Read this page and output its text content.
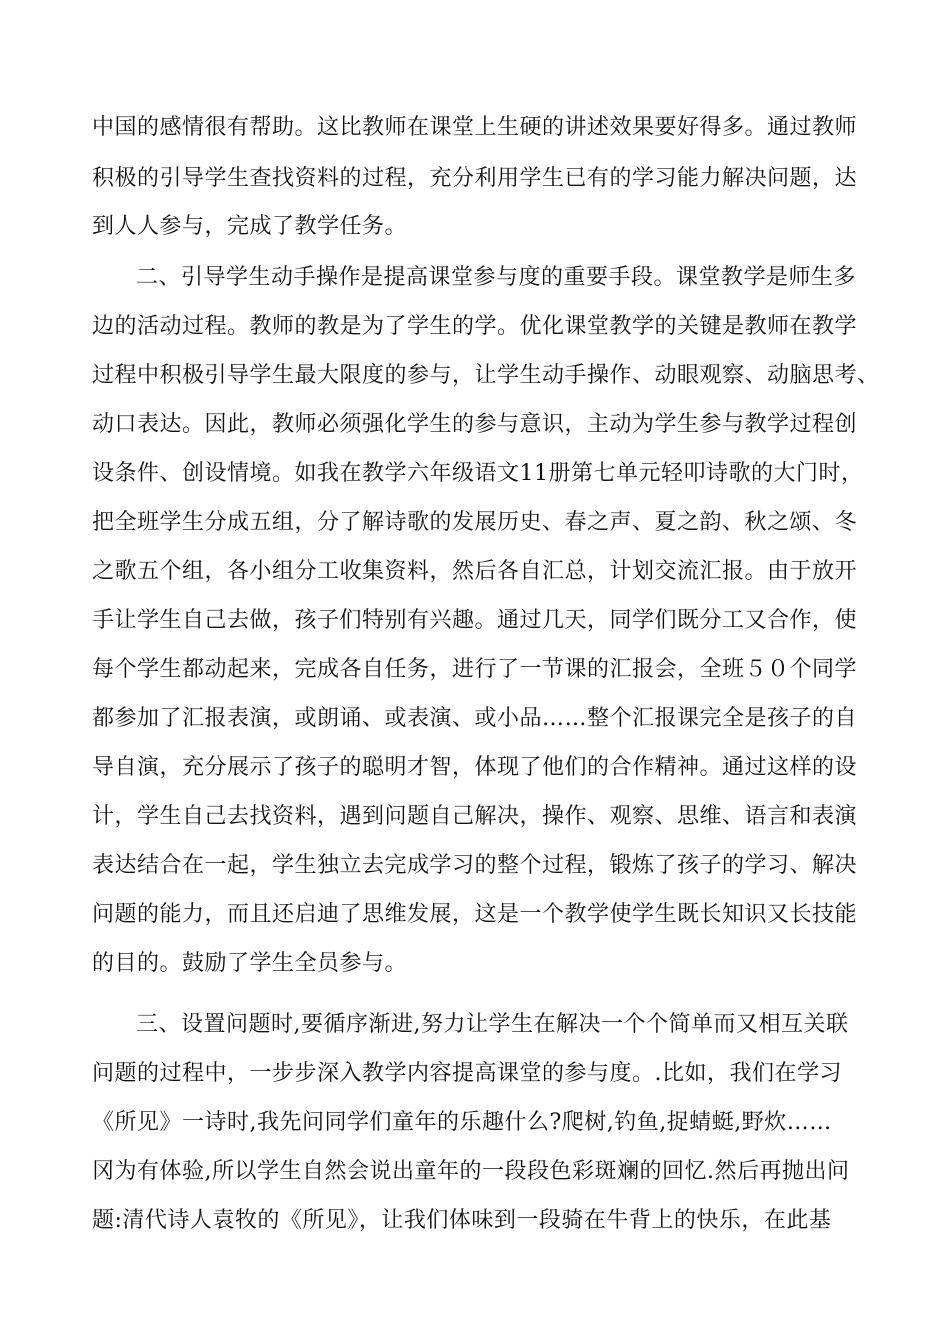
中国的感情很有帮助。这比教师在课堂上生硬的讲述效果要好得多。通过教师
积极的引导学生查找资料的过程，充分利用学生已有的学习能力解决问题，达
到人人参与，完成了教学任务。
二、引导学生动手操作是提高课堂参与度的重要手段。课堂教学是师生多
边的活动过程。教师的教是为了学生的学。优化课堂教学的关键是教师在教学
过程中积极引导学生最大限度的参与，让学生动手操作、动眼观察、动脑思考、
动口表达。因此，教师必须强化学生的参与意识，主动为学生参与教学过程创
设条件、创设情境。如我在教学六年级语文11册第七单元轻叩诗歌的大门时，
把全班学生分成五组，分了解诗歌的发展历史、春之声、夏之韵、秋之颂、冬
之歌五个组，各小组分工收集资料，然后各自汇总，计划交流汇报。由于放开
手让学生自己去做，孩子们特别有兴趣。通过几天，同学们既分工又合作，使
每个学生都动起来，完成各自任务，进行了一节课的汇报会，全班５０个同学
都参加了汇报表演，或朗诵、或表演、或小品……整个汇报课完全是孩子的自
导自演，充分展示了孩子的聪明才智，体现了他们的合作精神。通过这样的设
计，学生自己去找资料，遇到问题自己解决，操作、观察、思维、语言和表演
表达结合在一起，学生独立去完成学习的整个过程，锻炼了孩子的学习、解决
问题的能力，而且还启迪了思维发展，这是一个教学使学生既长知识又长技能
的目的。鼓励了学生全员参与。
三、设置问题时,要循序渐进,努力让学生在解决一个个简单而又相互关联
问题的过程中，一步步深入教学内容提高课堂的参与度。.比如，我们在学习
《所见》一诗时,我先问同学们童年的乐趣什么?爬树,钓鱼,捉蜻蜓,野炊……
冈为有体验,所以学生自然会说出童年的一段段色彩斑斓的回忆.然后再抛出问
题:清代诗人袁牧的《所见》，让我们体味到一段骑在牛背上的快乐，在此基
